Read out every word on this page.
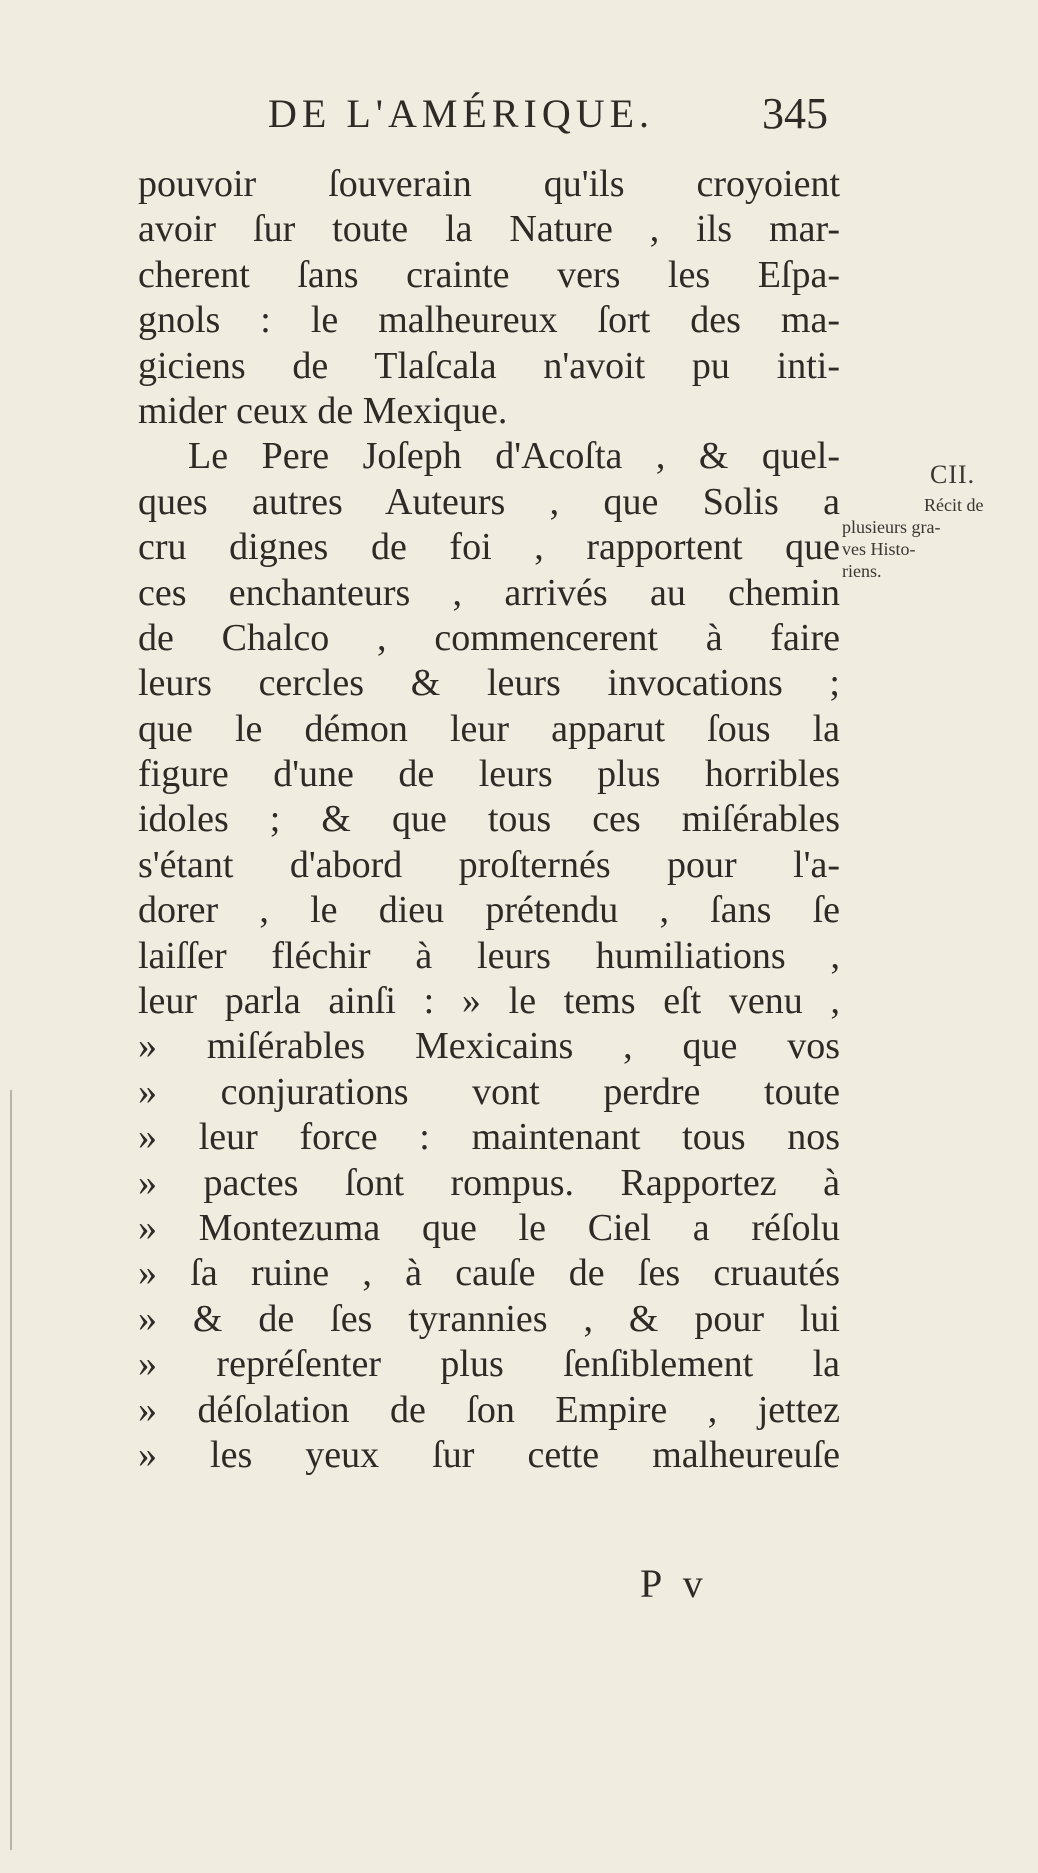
DE L'AMÉRIQUE. 345
pouvoir ſouverain qu'ils croyoient
avoir ſur toute la Nature , ils mar-
cherent ſans crainte vers les Eſpa-
gnols : le malheureux ſort des ma-
giciens de Tlaſcala n'avoit pu inti-
mider ceux de Mexique.
Le Pere Joſeph d'Acoſta , & quel-
ques autres Auteurs , que Solis a
cru dignes de foi , rapportent que
ces enchanteurs , arrivés au chemin
de Chalco , commencerent à faire
leurs cercles & leurs invocations ;
que le démon leur apparut ſous la
figure d'une de leurs plus horribles
idoles ; & que tous ces miſérables
s'étant d'abord proſternés pour l'a-
dorer , le dieu prétendu , ſans ſe
laiſſer fléchir à leurs humiliations ,
leur parla ainſi : » le tems eſt venu ,
» miſérables Mexicains , que vos
» conjurations vont perdre toute
» leur force : maintenant tous nos
» pactes ſont rompus. Rapportez à
» Montezuma que le Ciel a réſolu
» ſa ruine , à cauſe de ſes cruautés
» & de ſes tyrannies , & pour lui
» repréſenter plus ſenſiblement la
» déſolation de ſon Empire , jettez
» les yeux ſur cette malheureuſe
CII.
Récit de
plusieurs gra-
ves Histo-
riens.
P v
